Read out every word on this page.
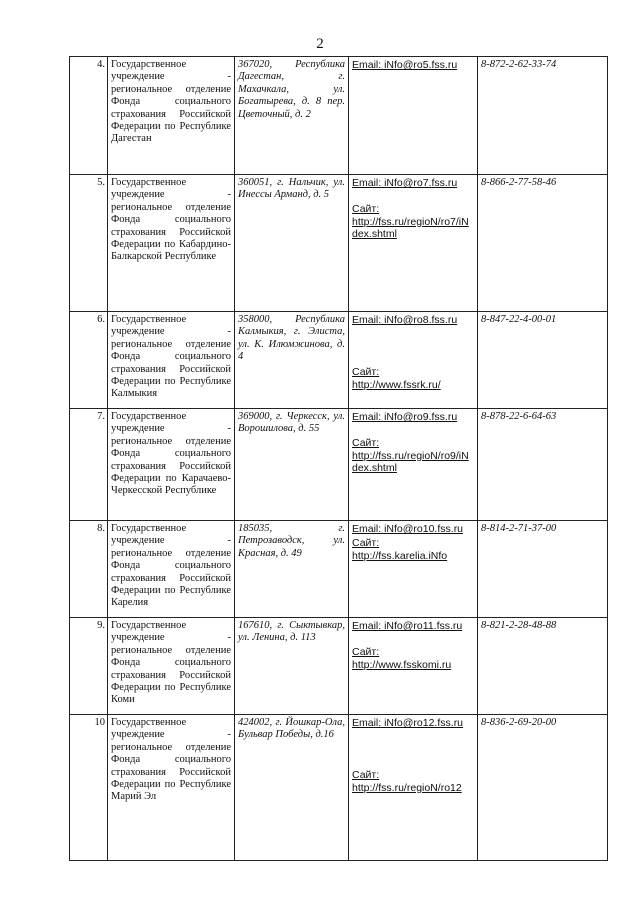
2
4.	Государственное учреждение - региональное отделение Фонда социального страхования Российской Федерации по Республике Дагестан	367020, Республика Дагестан, г. Махачкала, ул. Богатырева, д. 8 пер. Цветочный, д. 2	Email: iNfo@ro5.fss.ru	8-872-2-62-33-74
5.	Государственное учреждение - региональное отделение Фонда социального страхования Российской Федерации по Кабардино-Балкарской Республике	360051, г. Нальчик, ул. Инессы Арманд, д. 5	Email: iNfo@ro7.fss.ru
Сайт:
http://fss.ru/regioN/ro7/iNdex.shtml	8-866-2-77-58-46
6.	Государственное учреждение - региональное отделение Фонда социального страхования Российской Федерации по Республике Калмыкия	358000, Республика Калмыкия, г. Элиста, ул. К. Илюмжинова, д. 4	Email: iNfo@ro8.fss.ru
Сайт:
http://www.fssrk.ru/	8-847-22-4-00-01
7.	Государственное учреждение - региональное отделение Фонда социального страхования Российской Федерации по Карачаево-Черкесской Республике	369000, г. Черкесск, ул. Ворошилова, д. 55	Email: iNfo@ro9.fss.ru
Сайт:
http://fss.ru/regioN/ro9/iNdex.shtml	8-878-22-6-64-63
8.	Государственное учреждение - региональное отделение Фонда социального страхования Российской Федерации по Республике Карелия	185035, г. Петрозаводск, ул. Красная, д. 49	Email: iNfo@ro10.fss.ru
Сайт:
http://fss.karelia.iNfo	8-814-2-71-37-00
9.	Государственное учреждение - региональное отделение Фонда социального страхования Российской Федерации по Республике Коми	167610, г. Сыктывкар, ул. Ленина, д. 113	Email: iNfo@ro11.fss.ru
Сайт:
http://www.fsskomi.ru	8-821-2-28-48-88
10	Государственное учреждение - региональное отделение Фонда социального страхования Российской Федерации по Республике Марий Эл	424002, г. Йошкар-Ола, Бульвар Победы, д.16	Email: iNfo@ro12.fss.ru
Сайт:
http://fss.ru/regioN/ro12	8-836-2-69-20-00
